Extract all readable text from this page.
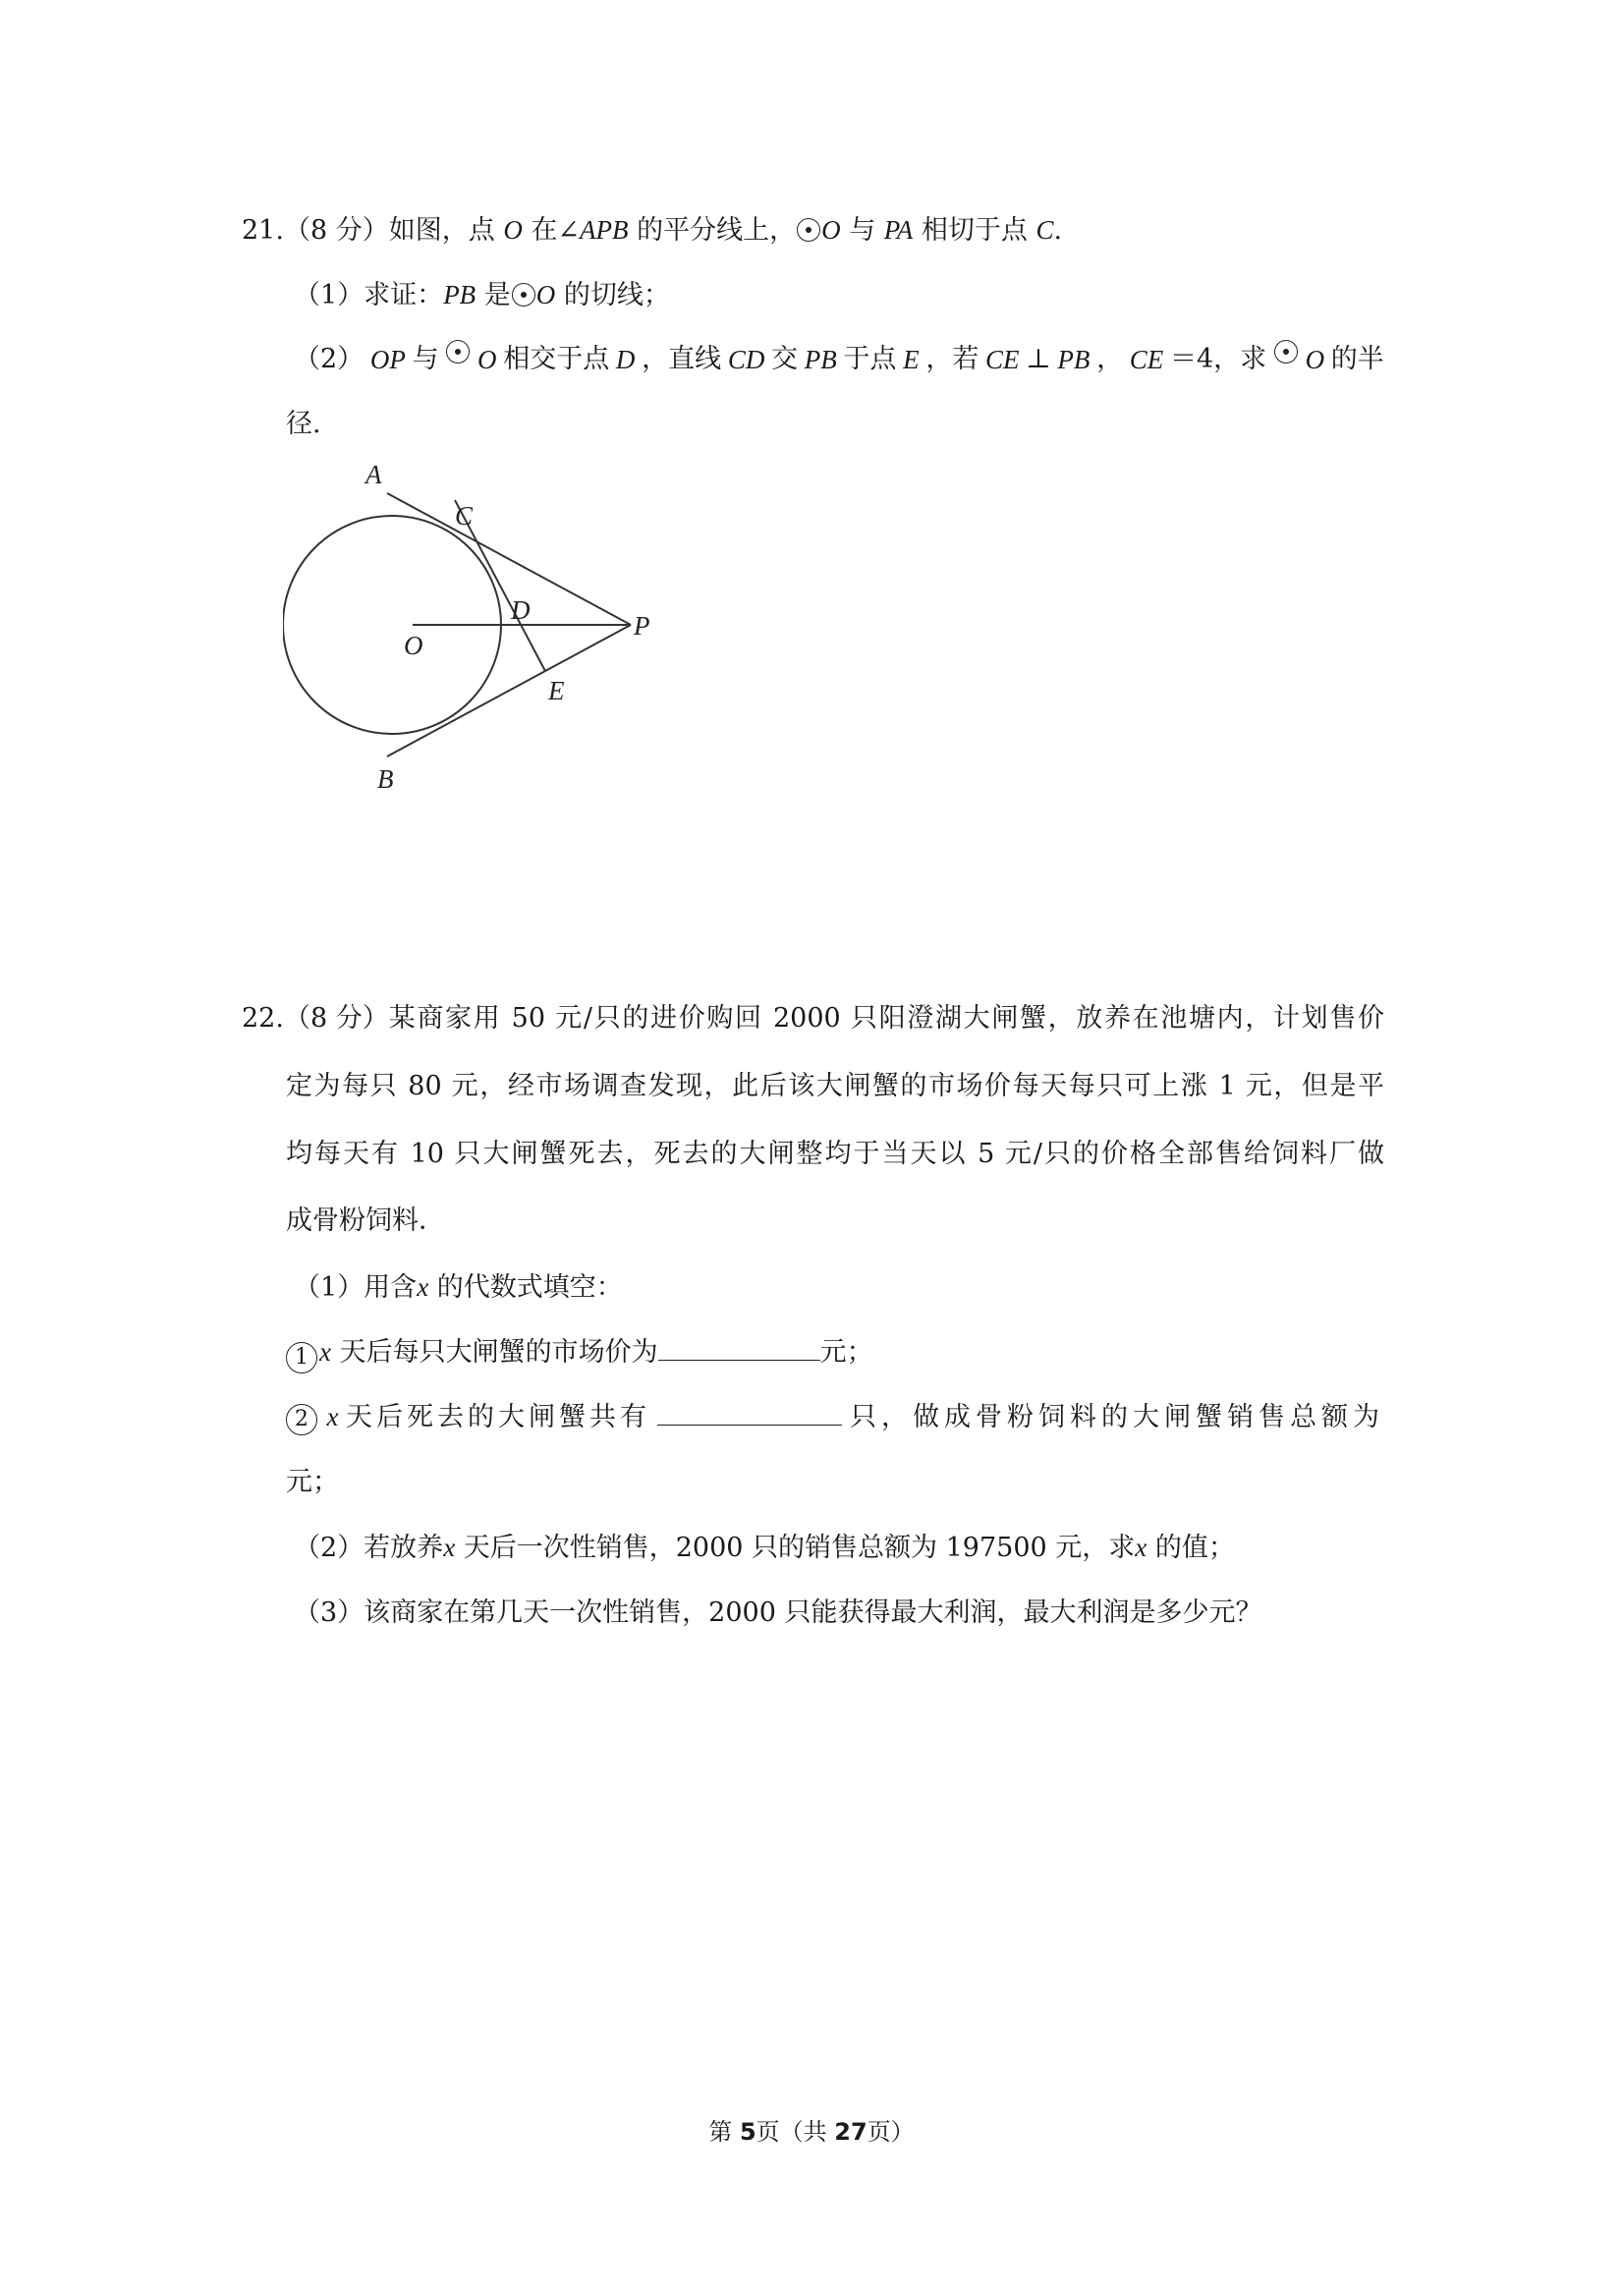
21.（8 分）如图，点 O 在∠APB 的平分线上， O 与 PA 相切于点 C.
（1）求证：PB 是 O 的切线；
（2） OP 与 O 相交于点 D ，直线 CD 交 PB 于点 E ，若 CE ⊥ PB ， CE ＝4，求 O 的半
径.
A
C
D
O
P
E
B
22. （8 分） 某商家用 50 元/只的进价购回 2000 只阳澄湖大闸蟹，放养在池塘内，计划售价
定为每只 80 元，经市场调查发现，此后该大闸蟹的市场价每天每只可上涨 1 元，但是平
均每天有 10 只大闸蟹死去，死去的大闸整均于当天以 5 元/只的价格全部售给饲料厂做
成骨粉饲料．
（1）用含x 的代数式填空：
1 x 天后每只大闸蟹的市场价为	元；
2 x 天后死去的大闸蟹共有	只，做成骨粉饲料的大闸蟹销售总额为
元；
（2）若放养x 天后一次性销售，2000 只的销售总额为 197500 元，求x 的值；
（3）该商家在第几天一次性销售，2000 只能获得最大利润，最大利润是多少元？
第 5页（共 27页）
